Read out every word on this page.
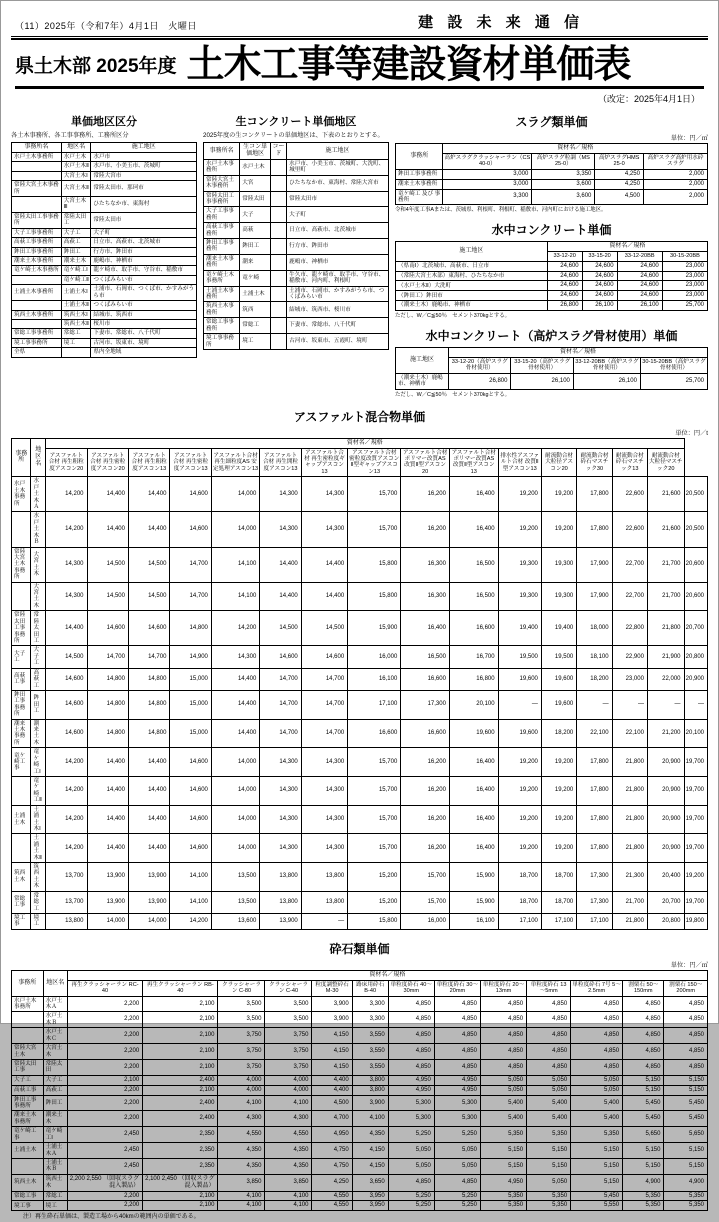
（11）2025年（令和7年）4月1日　火曜日	建 設 未 来 通 信
県土木部 2025年度 土木工事等建設資材単価表
（改定：2025年4月1日）
単価地区区分
各土木事務所、各工事事務所、工務所区分
事務所名	地区名	施工地区
水戸土木事務所	水戸土木	水戸市
	水戸土木Ⅱ	水戸市、小美玉市、茨城町
	大宮土木Ⅰ	常陸大宮市
常陸大宮土木事務所	大宮土木Ⅱ	常陸太田市、那珂市
	大宮土木Ⅲ	ひたちなか市、東海村
常陸太田工事事務所	常陸太田工	常陸太田市
大子工事事務所	大子工	大子町
高萩工事事務所	高萩工	日立市、高萩市、北茨城市
鉾田工事事務所	鉾田工	行方市、鉾田市
潮来土木事務所	潮来土木	鹿嶋市、神栖市
竜ケ崎土木事務所	竜ケ崎工Ⅰ	龍ケ崎市、取手市、守谷市、稲敷市
	竜ケ崎工Ⅱ	つくばみらい市
土浦土木事務所	土浦土木Ⅰ	土浦市、石岡市、つくば市、かすみがうら市
	土浦土木Ⅱ	つくばみらい市
筑西土木事務所	筑西土木Ⅰ	結城市、筑西市
	筑西土木Ⅱ	桜川市
常総工事事務所	常総工	下妻市、常総市、八千代町
境工事事務所	境工	古河市、坂東市、境町
全県		県内全地域
生コンクリート単価地区
2025年度の生コンクリートの単価地区は、下表のとおりとする。
事務所名	生コン単価地区	コード	施工地区
水戸土木事務所	水戸土木		水戸市、小美玉市、茨城町、大洗町、城里町
常陸大宮土木事務所	大宮		ひたちなか市、東海村、常陸大宮市
常陸太田工事事務所	常陸太田		常陸太田市
大子工事事務所	大子		大子町
高萩工事事務所	高萩		日立市、高萩市、北茨城市
鉾田工事事務所	鉾田工		行方市、鉾田市
潮来土木事務所	潮来		鹿嶋市、神栖市
竜ケ崎土木事務所	竜ケ崎		牛久市、龍ケ崎市、取手市、守谷市、稲敷市、河内町、利根町
土浦土木事務所	土浦土木		土浦市、石岡市、かすみがうら市、つくばみらい市
筑西土木事務所	筑西		結城市、筑西市、桜川市
常総工事事務所	常総工		下妻市、常総市、八千代町
境工事事務所	境工		古河市、坂東市、五霞町、境町
スラグ類単価
単位：円／㎥
事務所	資材名／規格			
	高炉スラグクラッシャーラン（CS 40-0）	高炉スラグ粒調（MS 25-0）	高炉スラグHMS 25-0	高炉スラグ高炉用水砕スラグ
鉾田工事事務所	3,000	3,350	4,250	2,000
潮来土木事務所	3,000	3,600	4,250	2,000
竜ケ崎工 及び 事務所	3,300	3,600	4,500	2,000
令和4年度工事Aまたは、茨城県、利根町、利根町、稲敷市、河内町における施工地区。
水中コンクリート単価
施工地区	資材名／規格			
	33-12-20	33-15-20	33-12-20BB	30-15-20BB
（県南Ⅰ）北茨城市、高萩市、日立市	24,600	24,600	24,600	23,000
（常陸大宮土木部）東海村、ひたちなか市	24,600	24,600	24,600	23,000
（水戸土木Ⅱ）大洗町	24,600	24,600	24,600	23,000
（鉾田工）鉾田市	24,600	24,600	24,600	23,000
（潮来土木）鹿嶋市、神栖市	26,800	26,100	26,100	25,700
ただし、W／C≦50％　セメント370kgとする。
水中コンクリート（高炉スラグ骨材使用）単価
施工地区	資材名／規格			
	33-12-20（高炉スラグ骨材使用）	33-15-20（高炉スラグ骨材使用）	33-12-20BB（高炉スラグ骨材使用）	30-15-20BB（高炉スラグ骨材使用）
（潮来土木）鹿嶋市、神栖市	26,800	26,100	26,100	25,700
ただし、W／C≦50％　セメント370kgとする。
アスファルト混合物単価
単位：円／t
事務所	地区名	資材名／規格															
		アスファルト合材 再生粗粒度アスコン20	アスファルト合材 再生密粒度アスコン20	アスファルト合材 再生粗粒度アスコン13	アスファルト合材 再生密粒度アスコン13	アスファルト合材 再生細粒度AS 安定処理アスコン13	アスファルト合材 再生開粒度アスコン13	アスファルト合材 再生密粒度ギャップアスコン13	アスファルト合材 密粒度改質アスコンⅡ型ギャップアスコン13	アスファルト合材 ポリマー改質AS改質Ⅱ型アスコン20	アスファルト合材 ポリマー改質AS改質Ⅱ型アスコン13	排水性アスファルト合材 改質Ⅱ型アスコン13	耐流動合材 大粒径アスコン20	耐流動合材 砕石マスチック30	耐流動合材 砕石マスチック13	耐流動合材 大粒径マスチック20	
水戸土木事務所	水戸土木Ａ	14,200	14,400	14,400	14,600	14,000	14,300	14,300	15,700	16,200	16,400	19,200	19,200	17,800	22,600	21,600	20,500
	水戸土木Ｂ	14,200	14,400	14,400	14,600	14,000	14,300	14,300	15,700	16,200	16,400	19,200	19,200	17,800	22,600	21,600	20,500
常陸大宮土木事務所	大宮土木	14,300	14,500	14,500	14,700	14,100	14,400	14,400	15,800	16,300	16,500	19,300	19,300	17,900	22,700	21,700	20,600
	大宮土木	14,300	14,500	14,500	14,700	14,100	14,400	14,400	15,800	16,300	16,500	19,300	19,300	17,900	22,700	21,700	20,600
常陸太田工事事務所	常陸太田工	14,400	14,600	14,600	14,800	14,200	14,500	14,500	15,900	16,400	16,600	19,400	19,400	18,000	22,800	21,800	20,700
大子工	大子工	14,500	14,700	14,700	14,900	14,300	14,600	14,600	16,000	16,500	16,700	19,500	19,500	18,100	22,900	21,900	20,800
高萩工事	高萩工	14,600	14,800	14,800	15,000	14,400	14,700	14,700	16,100	16,600	16,800	19,600	19,600	18,200	23,000	22,000	20,900
鉾田工事事務所	鉾田工	14,600	14,800	14,800	15,000	14,400	14,700	14,700	17,100	17,300	20,100	—	19,600	—	—	—	—
潮来土木事務所	潮来土木	14,600	14,800	14,800	15,000	14,400	14,700	14,700	16,600	16,600	19,600	19,600	18,200	22,100	22,100	21,200	20,100
竜ケ崎工事	竜ケ崎工Ⅰ	14,200	14,400	14,400	14,600	14,000	14,300	14,300	15,700	16,200	16,400	19,200	19,200	17,800	21,800	20,900	19,700
	竜ケ崎工Ⅱ	14,200	14,400	14,400	14,600	14,000	14,300	14,300	15,700	16,200	16,400	19,200	19,200	17,800	21,800	20,900	19,700
土浦土木	土浦土木Ⅰ	14,200	14,400	14,400	14,600	14,000	14,300	14,300	15,700	16,200	16,400	19,200	19,200	17,800	21,800	20,900	19,700
	土浦土木Ⅱ	14,200	14,400	14,400	14,600	14,000	14,300	14,300	15,700	16,200	16,400	19,200	19,200	17,800	21,800	20,900	19,700
筑西土木	筑西土木	13,700	13,900	13,900	14,100	13,500	13,800	13,800	15,200	15,700	15,900	18,700	18,700	17,300	21,300	20,400	19,200
常総工事	常総工	13,700	13,900	13,900	14,100	13,500	13,800	13,800	15,200	15,700	15,900	18,700	18,700	17,300	21,700	20,700	19,700
境工事	境工	13,800	14,000	14,000	14,200	13,600	13,900	—	15,800	16,000	16,100	17,100	17,100	17,100	21,800	20,800	19,800
砕石類単価
単位：円／㎥
事務所	地区名	資材名／規格												
		再生クラッシャーラン RC-40	再生クラッシャーラン RB-40	クラッシャーラン C-80	クラッシャーラン C-40	粒度調整砕石 M-30	路床用砕石 B-40	単粒度砕石 40～30mm	単粒度砕石 30～20mm	単粒度砕石 20～13mm	単粒度砕石 13～5mm	単粒度砕石 7号 5～2.5mm	割栗石 50～150mm	割栗石 150～200mm
水戸土木事務所	水戸土木Ａ	2,200	2,100	3,500	3,500	3,900	3,300	4,850	4,850	4,850	4,850	4,850	4,850	4,850
	水戸土木Ｂ	2,200	2,100	3,500	3,500	3,900	3,300	4,850	4,850	4,850	4,850	4,850	4,850	4,850
	水戸土木Ｃ	2,200	2,100	3,750	3,750	4,150	3,550	4,850	4,850	4,850	4,850	4,850	4,850	4,850
常陸大宮土木	大宮土木	2,200	2,100	3,750	3,750	4,150	3,550	4,850	4,850	4,850	4,850	4,850	4,850	4,850
常陸太田工事	常陸太田	2,200	2,100	3,750	3,750	4,150	3,550	4,850	4,850	4,850	4,850	4,850	4,850	4,850
大子工	大子工	2,100	2,400	4,000	4,000	4,400	3,800	4,950	4,950	5,050	5,050	5,050	5,150	5,150
高萩工事	高萩工	2,200	2,100	4,000	4,000	4,400	3,800	4,950	4,950	5,050	5,050	5,050	5,150	5,150
鉾田工事事務所	鉾田工	2,200	2,400	4,100	4,100	4,500	3,900	5,300	5,300	5,400	5,400	5,400	5,450	5,450
潮来土木事務所	潮来土木	2,200	2,400	4,300	4,300	4,700	4,100	5,300	5,300	5,400	5,400	5,400	5,450	5,450
竜ケ崎工事	竜ケ崎工Ⅰ	2,450	2,350	4,550	4,550	4,950	4,350	5,250	5,250	5,350	5,350	5,350	5,650	5,650
土浦土木	土浦土木Ａ	2,450	2,350	4,350	4,350	4,750	4,150	5,050	5,050	5,150	5,150	5,150	5,150	5,150
	土浦土木Ｂ	2,450	2,350	4,350	4,350	4,750	4,150	5,050	5,050	5,150	5,150	5,150	5,150	5,150
筑西土木	筑西土木	2,200 2,550 （回収スラグ混入製品）	2,100 2,450 （回収スラグ混入製品）	3,850	3,850	4,250	3,650	4,850	4,850	4,950	5,050	5,150	4,900	4,900
常総工事	常総工	2,200	2,100	4,100	4,100	4,550	3,950	5,250	5,250	5,350	5,350	5,450	5,350	5,350
境工事	境工	2,200	2,100	4,100	4,100	4,550	3,950	5,250	5,250	5,350	5,350	5,550	5,350	5,350
注）再生砕石単価は、製造工場から40kmの範囲内の単価である。
